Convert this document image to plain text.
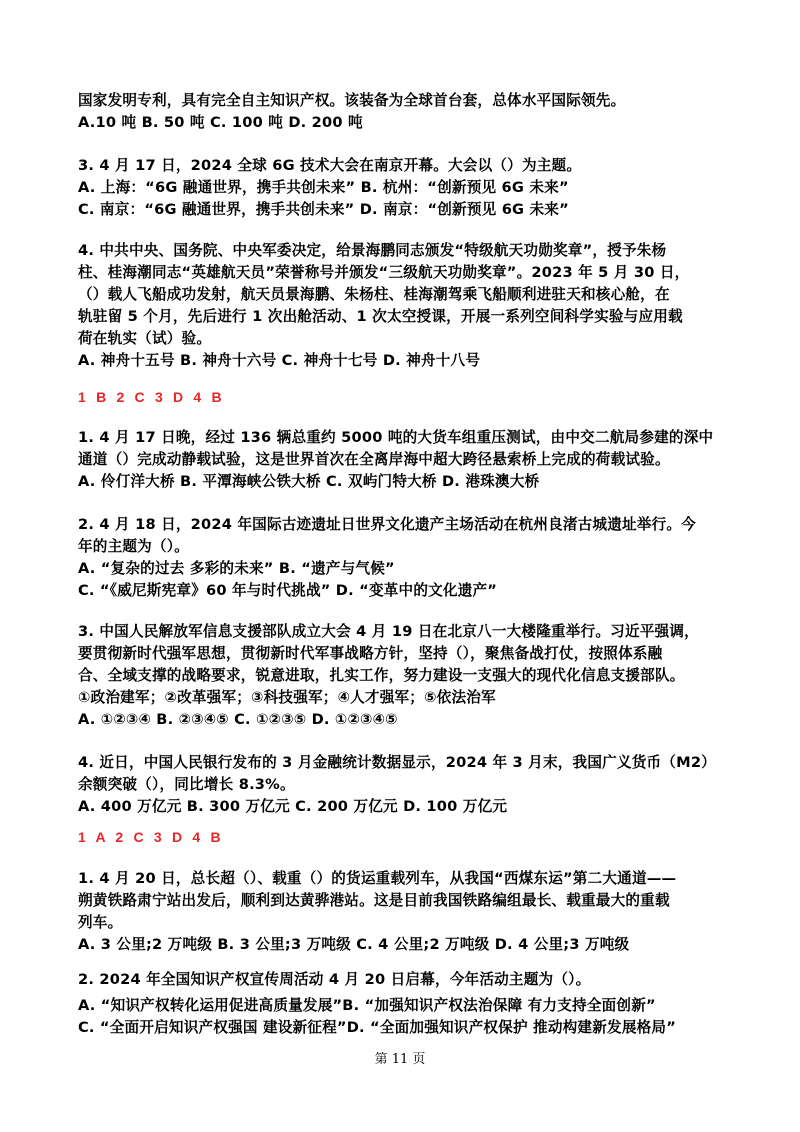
国家发明专利，具有完全自主知识产权。该装备为全球首台套，总体水平国际领先。
A.10 吨 B. 50 吨 C. 100 吨 D. 200 吨
3. 4 月 17 日，2024 全球 6G 技术大会在南京开幕。大会以（）为主题。
A. 上海：“6G 融通世界，携手共创未来” B. 杭州：“创新预见 6G 未来”
C. 南京：“6G 融通世界，携手共创未来” D. 南京：“创新预见 6G 未来”
4. 中共中央、国务院、中央军委决定，给景海鹏同志颁发“特级航天功勋奖章”，授予朱杨
柱、桂海潮同志“英雄航天员”荣誉称号并颁发“三级航天功勋奖章”。2023 年 5 月 30 日，
（）载人飞船成功发射，航天员景海鹏、朱杨柱、桂海潮驾乘飞船顺利进驻天和核心舱，在
轨驻留 5 个月，先后进行 1 次出舱活动、1 次太空授课，开展一系列空间科学实验与应用载
荷在轨实（试）验。
A. 神舟十五号 B. 神舟十六号 C. 神舟十七号 D. 神舟十八号
1 B 2 C 3 D 4 B
1. 4 月 17 日晚，经过 136 辆总重约 5000 吨的大货车组重压测试，由中交二航局参建的深中
通道（）完成动静载试验，这是世界首次在全离岸海中超大跨径悬索桥上完成的荷载试验。
A. 伶仃洋大桥 B. 平潭海峡公铁大桥 C. 双屿门特大桥 D. 港珠澳大桥
2. 4 月 18 日，2024 年国际古迹遗址日世界文化遗产主场活动在杭州良渚古城遗址举行。今
年的主题为（）。
A. “复杂的过去 多彩的未来” B. “遗产与气候”
C. “《威尼斯宪章》60 年与时代挑战” D. “变革中的文化遗产”
3. 中国人民解放军信息支援部队成立大会 4 月 19 日在北京八一大楼隆重举行。习近平强调，
要贯彻新时代强军思想，贯彻新时代军事战略方针，坚持（），聚焦备战打仗，按照体系融
合、全域支撑的战略要求，锐意进取，扎实工作，努力建设一支强大的现代化信息支援部队。
①政治建军；②改革强军；③科技强军；④人才强军；⑤依法治军
A. ①②③④ B. ②③④⑤ C. ①②③⑤ D. ①②③④⑤
4. 近日，中国人民银行发布的 3 月金融统计数据显示，2024 年 3 月末，我国广义货币（M2）
余额突破（），同比增长 8.3%。
A. 400 万亿元 B. 300 万亿元 C. 200 万亿元 D. 100 万亿元
1 A 2 C 3 D 4 B
1. 4 月 20 日，总长超（）、载重（）的货运重载列车，从我国“西煤东运”第二大通道——
朔黄铁路肃宁站出发后，顺利到达黄骅港站。这是目前我国铁路编组最长、载重最大的重载
列车。
A. 3 公里;2 万吨级 B. 3 公里;3 万吨级 C. 4 公里;2 万吨级 D. 4 公里;3 万吨级
2. 2024 年全国知识产权宣传周活动 4 月 20 日启幕，今年活动主题为（）。
A. “知识产权转化运用促进高质量发展”B. “加强知识产权法治保障 有力支持全面创新”
C. “全面开启知识产权强国 建设新征程”D. “全面加强知识产权保护 推动构建新发展格局”
第 11 页
